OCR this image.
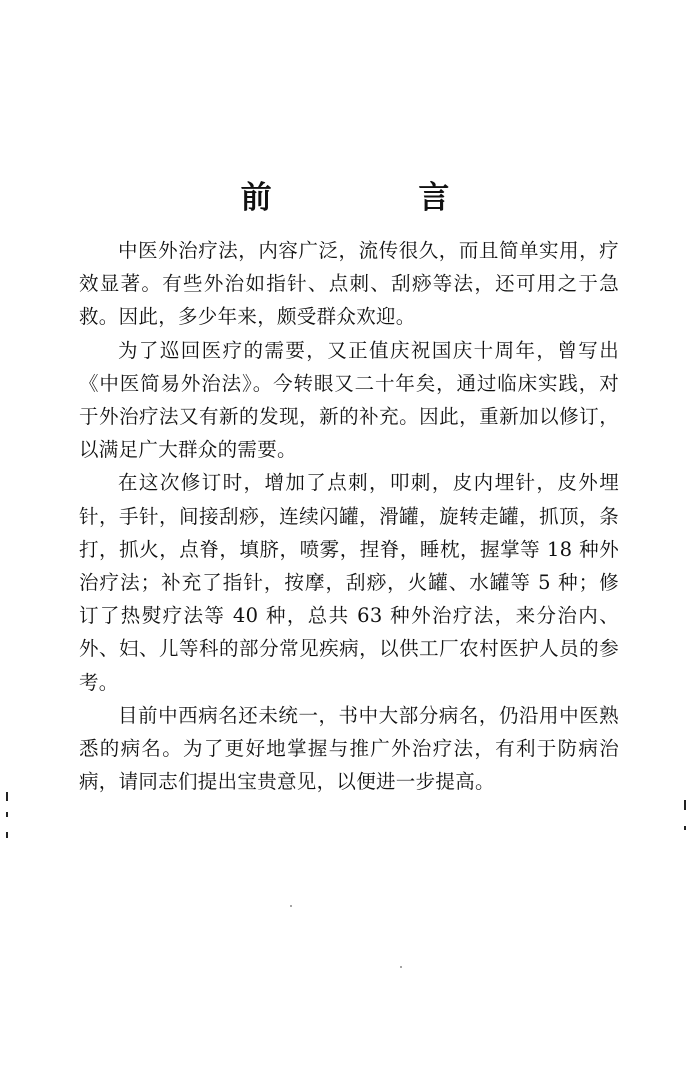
前 言

中医外治疗法，内容广泛，流传很久，而且简单实用，疗效显著。有些外治如指针、点刺、刮痧等法，还可用之于急救。因此，多少年来，颇受群众欢迎。

为了巡回医疗的需要，又正值庆祝国庆十周年，曾写出《中医简易外治法》。今转眼又二十年矣，通过临床实践，对于外治疗法又有新的发现，新的补充。因此，重新加以修订，以满足广大群众的需要。

在这次修订时，增加了点刺，叩刺，皮内埋针，皮外埋针，手针，间接刮痧，连续闪罐，滑罐，旋转走罐，抓顶，条打，抓火，点脊，填脐，喷雾，捏脊，睡枕，握掌等 18 种外治疗法；补充了指针，按摩，刮痧，火罐、水罐等 5 种；修订了热熨疗法等 40 种，总共 63 种外治疗法，来分治内、外、妇、儿等科的部分常见疾病，以供工厂农村医护人员的参考。

目前中西病名还未统一，书中大部分病名，仍沿用中医熟悉的病名。为了更好地掌握与推广外治疗法，有利于防病治病，请同志们提出宝贵意见，以便进一步提高。
